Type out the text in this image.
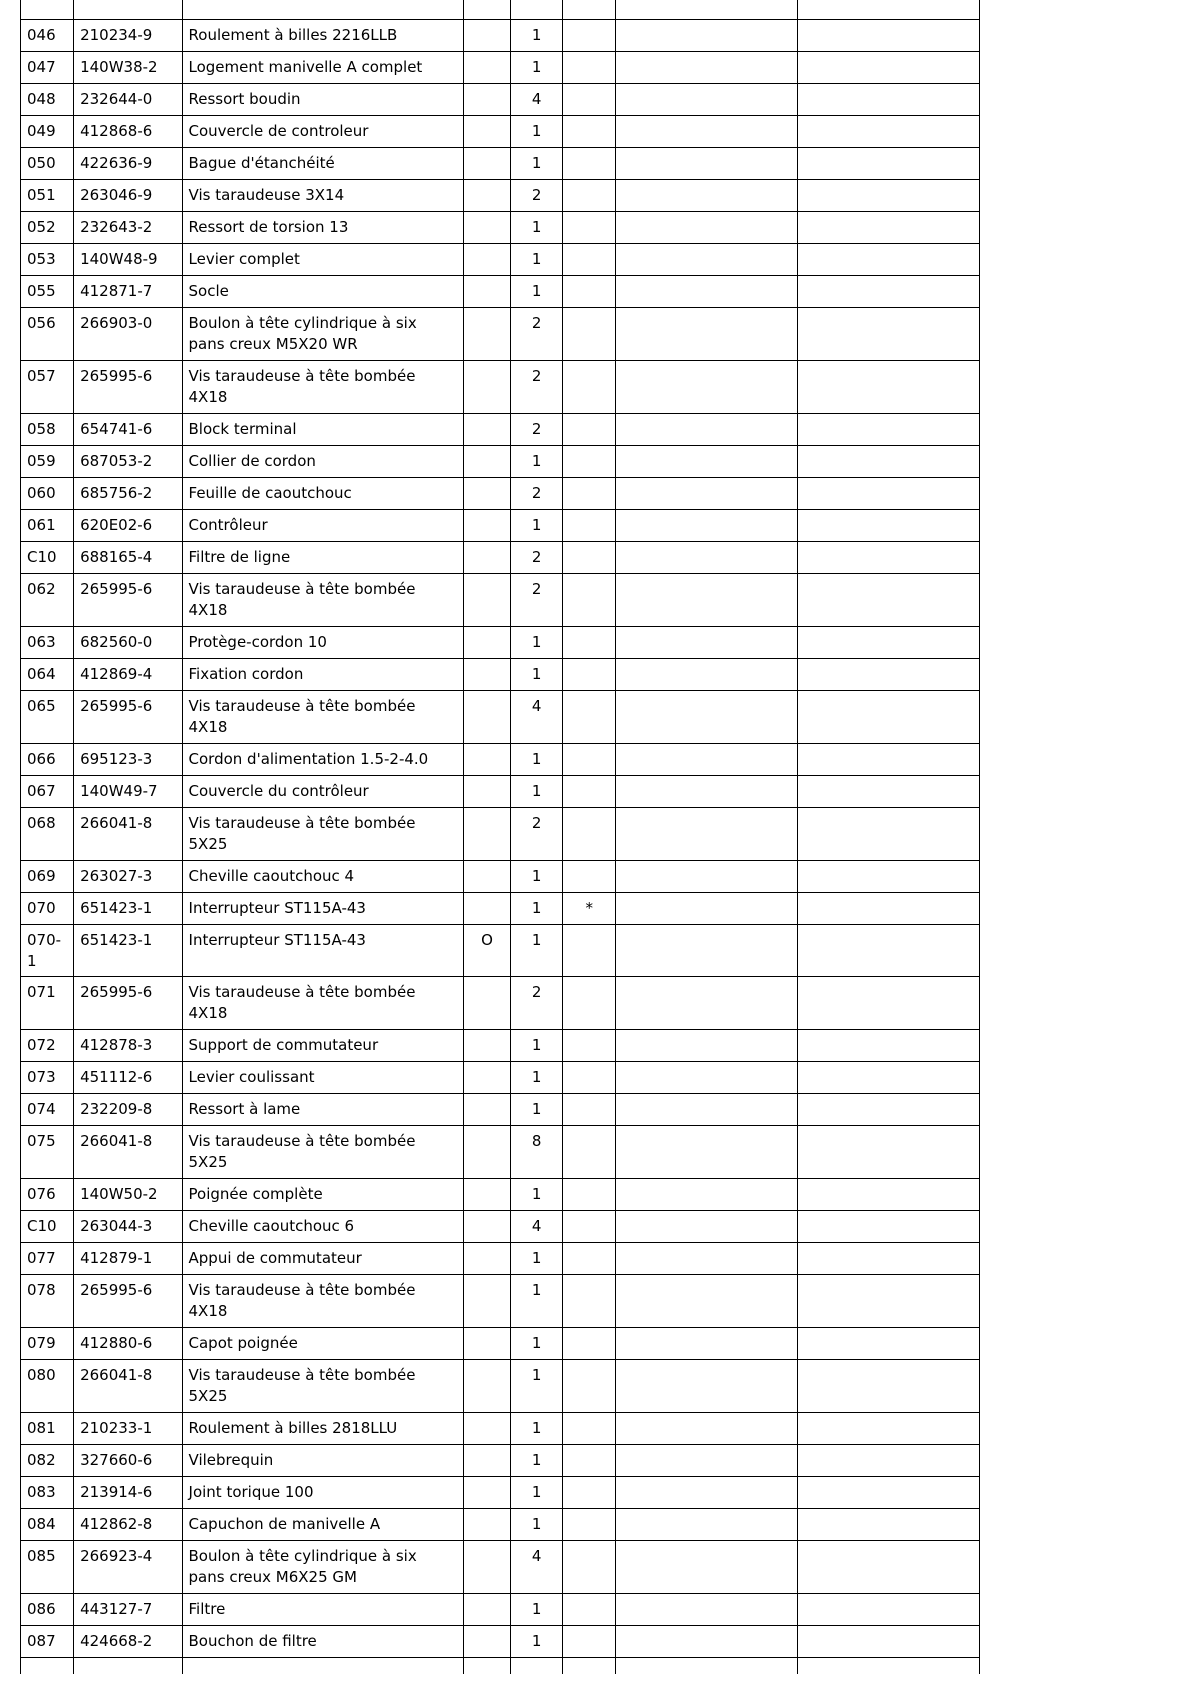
046	210234-9	Roulement à billes 2216LLB		1			
047	140W38-2	Logement manivelle A complet		1			
048	232644-0	Ressort boudin		4			
049	412868-6	Couvercle de controleur		1			
050	422636-9	Bague d'étanchéité		1			
051	263046-9	Vis taraudeuse 3X14		2			
052	232643-2	Ressort de torsion 13		1			
053	140W48-9	Levier complet		1			
055	412871-7	Socle		1			
056	266903-0	Boulon à tête cylindrique à six pans creux M5X20 WR		2			
057	265995-6	Vis taraudeuse à tête bombée 4X18		2			
058	654741-6	Block terminal		2			
059	687053-2	Collier de cordon		1			
060	685756-2	Feuille de caoutchouc		2			
061	620E02-6	Contrôleur		1			
C10	688165-4	Filtre de ligne		2			
062	265995-6	Vis taraudeuse à tête bombée 4X18		2			
063	682560-0	Protège-cordon 10		1			
064	412869-4	Fixation cordon		1			
065	265995-6	Vis taraudeuse à tête bombée 4X18		4			
066	695123-3	Cordon d'alimentation 1.5-2-4.0		1			
067	140W49-7	Couvercle du contrôleur		1			
068	266041-8	Vis taraudeuse à tête bombée 5X25		2			
069	263027-3	Cheville caoutchouc 4		1			
070	651423-1	Interrupteur ST115A-43		1	*		
070-1	651423-1	Interrupteur ST115A-43	O	1			
071	265995-6	Vis taraudeuse à tête bombée 4X18		2			
072	412878-3	Support de commutateur		1			
073	451112-6	Levier coulissant		1			
074	232209-8	Ressort à lame		1			
075	266041-8	Vis taraudeuse à tête bombée 5X25		8			
076	140W50-2	Poignée complète		1			
C10	263044-3	Cheville caoutchouc 6		4			
077	412879-1	Appui de commutateur		1			
078	265995-6	Vis taraudeuse à tête bombée 4X18		1			
079	412880-6	Capot poignée		1			
080	266041-8	Vis taraudeuse à tête bombée 5X25		1			
081	210233-1	Roulement à billes 2818LLU		1			
082	327660-6	Vilebrequin		1			
083	213914-6	Joint torique 100		1			
084	412862-8	Capuchon de manivelle A		1			
085	266923-4	Boulon à tête cylindrique à six pans creux M6X25 GM		4			
086	443127-7	Filtre		1			
087	424668-2	Bouchon de filtre		1			
